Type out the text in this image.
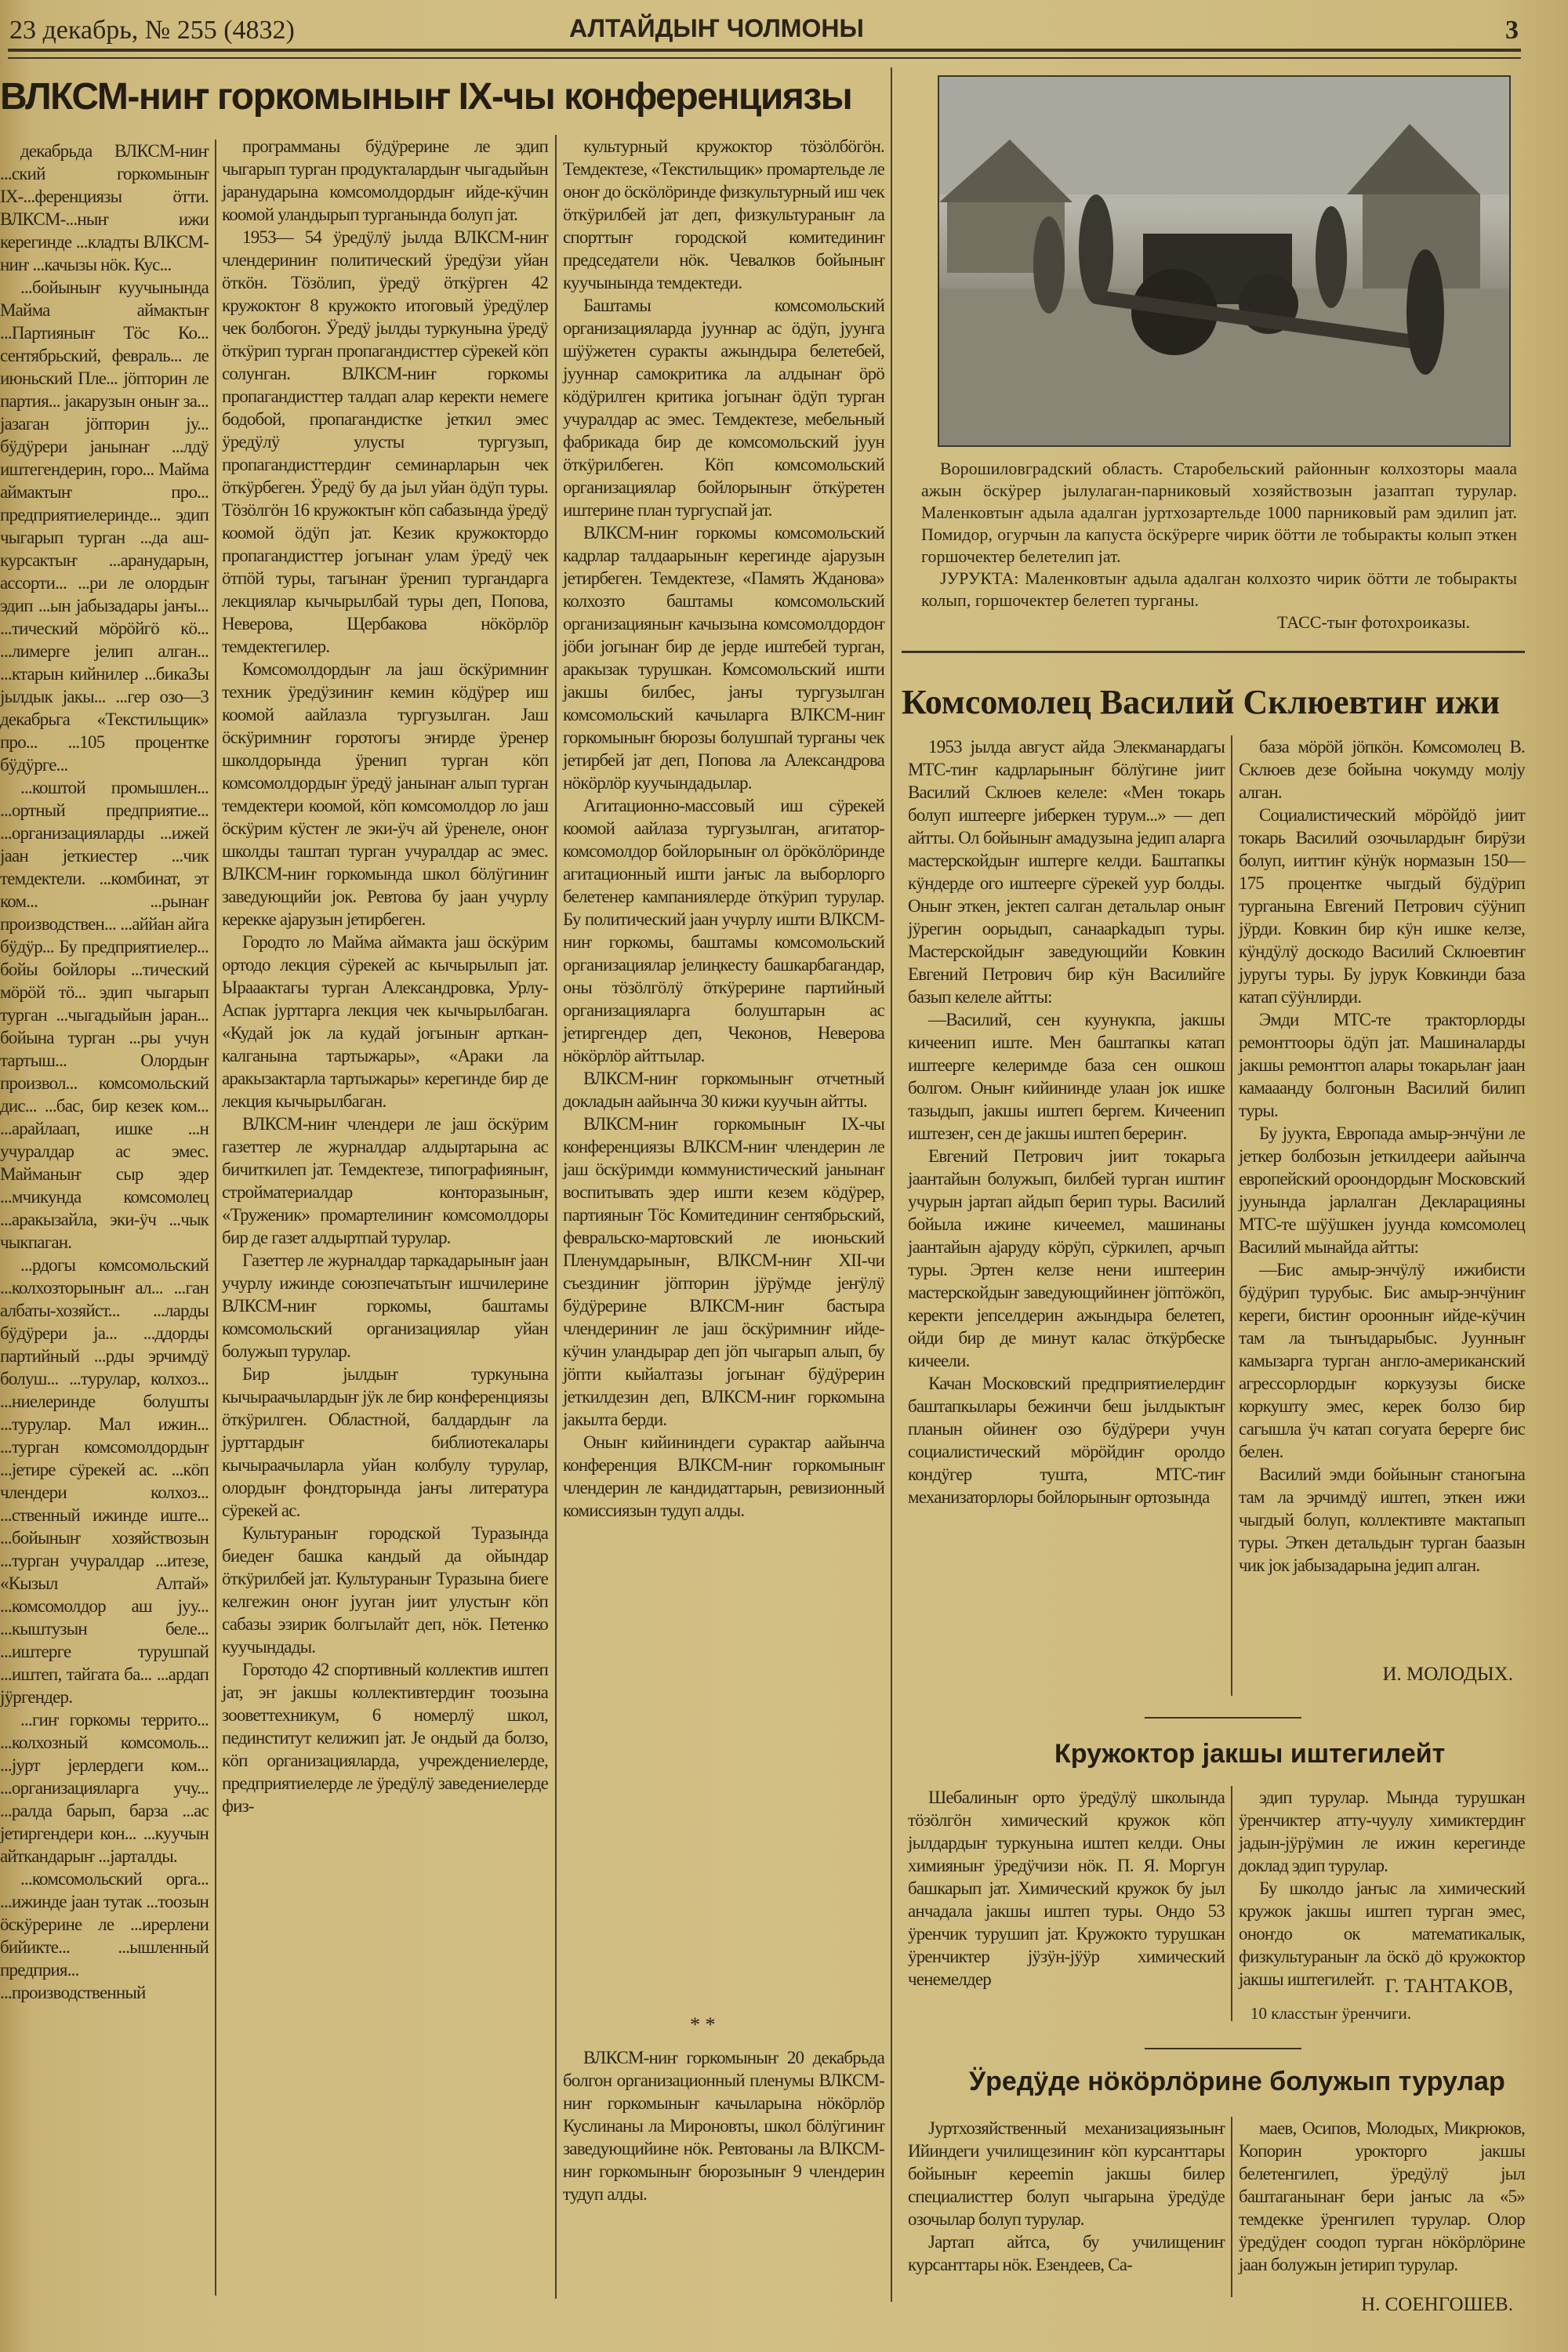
23 декабрь, № 255 (4832)	АЛТАЙДЫҤ ЧОЛМОНЫ	3
ВЛКСМ-ниҥ горкомыныҥ IX-чы конференциязы

декабрьда ВЛКСМ-ниҥ ...ский горкомыныҥ IX-...ференциязы ӧтти. ВЛКСМ-...ныҥ ижи керегинде ...кладты ВЛКСМ-ниҥ ...качызы нӧк. Кус...

...бойыныҥ куучынында Майма аймактыҥ ...Партияныҥ Тӧс Ко... сентябрьский, февраль... ле июньский Пле... јӧпторин ле партия... јакарузын оныҥ за... јазаган јӧпторин ју... бӱдӱрери јанынаҥ ...лдӱ иштегендерин, горо... Майма аймактыҥ про... предприятиелеринде... эдип чыгарып турган ...да аш-курсактыҥ ...аранударын, ассорти... ...ри ле олордыҥ эдип ...ын јабызадары јаҥы... ...тический мӧрӧйгӧ кӧ... ...лимерге јелип алган... ...ктарын кийнилер ...бикаЗы јылдык јакы... ...гер озо—3 декабрьга «Текстильщик» про... ...105 процентке бӱдӱрге...

...коштой промышлен... ...ортный предприятие... ...организацияларды ...ижей јаан јеткиестер ...чик темдектели. ...комбинат, эт ком... ...рынаҥ производствен... ...аййан айга бӱдӱр... Бу предприятиелер... бойы бойлоры ...тический мӧрӧй тӧ... эдип чыгарып турган ...чыгадыйын јаран... бойына турган ...ры учун тартыш... Олордыҥ произвол... комсомольский дис... ...бас, бир кезек ком... ...арайлаап, ишке ...н учуралдар ас эмес. Майманыҥ сыр эдер ...мчикунда комсомолец ...аракызайла, эки-ӱч ...чык чыкпаган.

...рдогы комсомольский ...колхозторыныҥ ал... ...ган албаты-хозяйст... ...ларды бӱдӱрери ја... ...ддорды партийный ...рды эрчимдӱ болуш... ...турулар, колхоз... ...ниелеринде болушты ...турулар. Мал ижин... ...турган комсомолдордыҥ ...јетире сӱрекей ас. ...кӧп члендери колхоз... ...ственный ижинде иште... ...бойыныҥ хозяйствозын ...турган учуралдар ...итезе, «Кызыл Алтай» ...комсомолдор аш јуу... ...кыштузын беле... ...иштерге турушпай ...иштеп, тайгата ба... ...ардап јӱргендер.

...гиҥ горкомы террито... ...колхозный комсомоль... ...јурт јерлердеги ком... ...организацияларга учу... ...ралда барып, барза ...ас јетиргендери кон... ...куучын айткандарыҥ ...јарталды.

...комсомольский орга... ...ижинде јаан тутак ...тоозын ӧскӱрерине ле ...ирерлени бийикте... ...ышленный предприя... ...производственный

программаны бӱдӱрерине ле эдип чыгарып турган продукталардыҥ чыгадыйын јаранударына комсомолдордыҥ ийде-кӱчин коомой уландырып турганында болуп јат.

1953— 54 ӱредӱлӱ јылда ВЛКСМ-ниҥ члендериниҥ политический ӱредӱзи уйан ӧткӧн. Тӧзӧлип, ӱредӱ ӧткӱрген 42 кружоктоҥ 8 кружокто итоговый ӱредӱлер чек болбогон. Ӱредӱ јылды туркунына ӱредӱ ӧткӱрип турган пропагандисттер сӱрекей кӧп солунган. ВЛКСМ-ниҥ горкомы пропагандисттер талдап алар керекти немеге бодобой, пропагандистке јеткил эмес ӱредӱлӱ улусты тургузып, пропагандисттердиҥ семинарларын чек ӧткӱрбеген. Ӱредӱ бу да јыл уйан ӧдӱп туры. Тӧзӧлгӧн 16 кружоктыҥ кӧп сабазында ӱредӱ коомой ӧдӱп јат. Кезик кружоктордо пропагандисттер јогынаҥ улам ӱредӱ чек ӧтпӧй туры, тагынаҥ ӱренип тургандарга лекциялар кычырылбай туры деп, Попова, Неверова, Щербакова нӧкӧрлӧр темдектегилер.

Комсомолдордыҥ ла јаш ӧскӱримниҥ техник ӱредӱзиниҥ кемин кӧдӱрер иш коомой аайлазла тургузылган. Јаш ӧскӱримниҥ горотогы эҥирде ӱренер школдорында ӱренип турган кӧп комсомолдордыҥ ӱредӱ јанынаҥ алып турган темдектери коомой, кӧп комсомолдор ло јаш ӧскӱрим кӱстеҥ ле эки-ӱч ай ӱренеле, оноҥ школды таштап турган учуралдар ас эмес. ВЛКСМ-ниҥ горкомында школ бӧлӱгиниҥ заведующийи јок. Ревтова бу јаан учурлу керекке ајарузын јетирбеген.

Городто ло Майма аймакта јаш ӧскӱрим ортодо лекция сӱрекей ас кычырылып јат. Ырааактагы турган Александровка, Урлу-Аспак јурттарга лекция чек кычырылбаган. «Кудай јок ла кудай јогыныҥ арткан-калганына тартыжары», «Араки ла аракызактарла тартыжары» керегинде бир де лекция кычырылбаган.

ВЛКСМ-ниҥ члендери ле јаш ӧскӱрим газеттер ле журналдар алдыртарына ас бичиткилеп јат. Темдектезе, типографияныҥ, стройматериалдар конторазыныҥ, «Труженик» промартелиниҥ комсомолдоры бир де газет алдыртпай турулар.

Газеттер ле журналдар таркадарыныҥ јаан учурлу ижинде союзпечатьтыҥ ишчилерине ВЛКСМ-ниҥ горкомы, баштамы комсомольский организациялар уйан болужып турулар.

Бир јылдыҥ туркунына кычыраачылардыҥ јӱк ле бир конференциязы ӧткӱрилген. Областной, балдардыҥ ла јурттардыҥ библиотекалары кычыраачыларла уйан колбулу турулар, олордыҥ фондторында јаҥы литература сӱрекей ас.

Культураныҥ городской Туразында биедеҥ башка кандый да ойындар ӧткӱрилбей јат. Культураныҥ Туразына биеге келгежин оноҥ јууган јиит улустыҥ кӧп сабазы эзирик болгылайт деп, нӧк. Петенко куучындады.

Горотодо 42 спортивный коллектив иштеп јат, эҥ јакшы коллективтердиҥ тоозына зооветтехникум, 6 номерлӱ школ, пединститут келижип јат. Је ондый да болзо, кӧп организацияларда, учреждениелерде, предприятиелерде ле ӱредӱлӱ заведениелерде физ-

культурный кружоктор тӧзӧлбӧгӧн. Темдектезе, «Текстильщик» промартельде ле оноҥ до ӧскӧлӧринде физкультурный иш чек ӧткӱрилбей јат деп, физкультураныҥ ла спорттыҥ городской комитединиҥ председатели нӧк. Чевалков бойыныҥ куучынында темдектеди.

Баштамы комсомольский организацияларда јууннар ас ӧдӱп, јуунга шӱӱжетен суракты ажындыра белетебей, јууннар самокритика ла алдынаҥ ӧрӧ кӧдӱрилген критика јогынаҥ ӧдӱп турган учуралдар ас эмес. Темдектезе, мебельный фабрикада бир де комсомольский јуун ӧткӱрилбеген. Кӧп комсомольский организациялар бойлорыныҥ ӧткӱретен иштерине план тургуспай јат.

ВЛКСМ-ниҥ горкомы комсомольский кадрлар талдаарыныҥ керегинде ајарузын јетирбеген. Темдектезе, «Память Жданова» колхозто баштамы комсомольский организацияныҥ качызына комсомолдордоҥ јӧби јогынаҥ бир де јерде иштебей турган, аракызак турушкан. Комсомольский ишти јакшы билбес, јаҥы тургузылган комсомольский качыларга ВЛКСМ-ниҥ горкомыныҥ бюрозы болушпай турганы чек јетирбей јат деп, Попова ла Александрова нӧкӧрлӧр куучындадылар.

Агитационно-массовый иш сӱрекей коомой аайлаза тургузылган, агитатор-комсомолдор бойлорыныҥ ол ӧрӧкӧлӧринде агитационный ишти јаҥыс ла выборлорго белетенер кампаниялерде ӧткӱрип турулар. Бу политический јаан учурлу ишти ВЛКСМ-ниҥ горкомы, баштамы комсомольский организациялар јелиңкесту башкарбагандар, оны тӧзӧлгӧлӱ ӧткӱрерине партийный организацияларга болуштарын ас јетиргендер деп, Чеконов, Неверова нӧкӧрлӧр айттылар.

ВЛКСМ-ниҥ горкомыныҥ отчетный докладын аайынча 30 кижи куучын айтты.

ВЛКСМ-ниҥ горкомыныҥ IX-чы конференциязы ВЛКСМ-ниҥ члендерин ле јаш ӧскӱримди коммунистический јанынаҥ воспитывать эдер ишти кезем кӧдӱрер, партияныҥ Тӧс Комитединиҥ сентябрьский, февральско-мартовский ле июньский Пленумдарыныҥ, ВЛКСМ-ниҥ XII-чи съездиниҥ јӧпторин јӱрӱмде јеҥӱлӱ бӱдӱрерине ВЛКСМ-ниҥ бастыра члендериниҥ ле јаш ӧскӱримниҥ ийде-кӱчин уландырар деп јӧп чыгарып алып, бу јӧпти кыйалтазы јогынаҥ бӱдӱрерин јеткилдезин деп, ВЛКСМ-ниҥ горкомына јакылта берди.

Оныҥ кийининдеги сурактар аайынча конференция ВЛКСМ-ниҥ горкомыныҥ члендерин ле кандидаттарын, ревизионный комиссиязын тудуп алды.

* *

ВЛКСМ-ниҥ горкомыныҥ 20 декабрьда болгон организационный пленумы ВЛКСМ-ниҥ горкомыныҥ качыларына нӧкӧрлӧр Куслинаны ла Мироновты, школ бӧлӱгиниҥ заведующийине нӧк. Ревтованы ла ВЛКСМ-ниҥ горкомыныҥ бюрозыныҥ 9 члендерин тудуп алды.

Ворошиловградский область. Старобельский районныҥ колхозторы маала ажын ӧскӱрер јылулаган-парниковый хозяйствозын јазаптап турулар. Маленковтыҥ адыла адалган јуртхозартельде 1000 парниковый рам эдилип јат. Помидор, огурчын ла капуста ӧскӱрерге чирик ӧӧтти ле тобыракты колып эткен горшочектер белетелип јат.

ЈУРУКТА: Маленковтыҥ адыла адалган колхозто чирик ӧӧтти ле тобыракты колып, горшочектер белетеп турганы.

ТАСС-тыҥ фотохроиказы.
Комсомолец Василий Склюевтиҥ ижи

1953 јылда август айда Элекманардагы МТС-тиҥ кадрларыныҥ бӧлӱгине јиит Василий Склюев келеле: «Мен токарь болуп иштеерге јиберкен турум...» — деп айтты. Ол бойыныҥ амадузына једип аларга мастерскойдыҥ иштерге келди. Баштапкы кӱндерде ого иштеерге сӱрекей уур болды. Оныҥ эткен, јектеп салган детальлар оныҥ јӱрегин оорыдып, санаарkадып туры. Мастерскойдыҥ заведующийи Ковкин Евгений Петрович бир кӱн Василийге базып келеле айтты:

—Василий, сен куунукпа, јакшы кичеенип иште. Мен баштапкы катап иштеерге келеримде база сен ошкош болгом. Оныҥ кийининде улаан јок ишке тазыдып, јакшы иштеп бергем. Кичеенип иштезеҥ, сен де јакшы иштеп берериҥ.

Евгений Петрович јиит токарьга јаантайын болужып, билбей турган иштиҥ учурын јартап айдып берип туры. Василий бойыла ижине кичеемел, машинаны јаантайын ајаруду кӧрӱп, сӱркилеп, арчып туры. Эртен келзе нени иштеерин мастерскойдыҥ заведующийинеҥ јӧптӧжӧп, керекти јепселдерин ажындыра белетеп, ойди бир де минут калас ӧткӱрбеске кичеели.

Качан Московский предприятиелердиҥ баштапкылары бежинчи беш јылдыктыҥ планын ойинеҥ озо бӱдӱрери учун социалистический мӧрӧйдиҥ оролдо кондӱгер тушта, МТС-тиҥ механизаторлоры бойлорыныҥ ортозында

база мӧрӧй јӧпкӧн. Комсомолец В. Склюев дезе бойына чокумду молју алган.

Социалистический мӧрӧйдӧ јиит токарь Василий озочылардыҥ бирӱзи болуп, ииттиҥ кӱнӱк нормазын 150—175 процентке чыгдый бӱдӱрип турганына Евгений Петрович сӱӱнип јӱрди. Ковкин бир кӱн ишке келзе, кӱндӱлӱ доскодо Василий Склюевтиҥ јуругы туры. Бу јурук Ковкинди база катап сӱӱнлирди.

Эмди МТС-те тракторлорды ремонттооры ӧдӱп јат. Машиналарды јакшы ремонттоп алары токарьлаҥ јаан камааанду болгонын Василий билип туры.

Бу јуукта, Европада амыр-энчӱни ле јеткер болбозын јеткилдеери аайынча европейский ороондордыҥ Московский јуунында јарлалган Декларацияны МТС-те шӱӱшкен јуунда комсомолец Василий мынайда айтты:

—Бис амыр-энчӱлӱ ижибисти бӱдӱрип турубыс. Бис амыр-энчӱниҥ кереги, бистиҥ ороонныҥ ийде-кӱчин там ла тыҥыдарыбыс. Јуунныҥ камызарга турган англо-американский агрессорлордыҥ коркузузы биске коркушту эмес, керек болзо бир сагышла ӱч катап согуата берерге бис белен.

Василий эмди бойыныҥ станогына там ла эрчимдӱ иштеп, эткен ижи чыгдый болуп, коллективте мактапып туры. Эткен детальдыҥ турган баазын чик јок јабызадарына једип алган.

И. МОЛОДЫХ.
Кружоктор јакшы иштегилейт

Шебалиныҥ орто ӱредӱлӱ школында тӧзӧлгӧн химический кружок кӧп јылдардыҥ туркунына иштеп келди. Оны химияныҥ ӱредӱчизи нӧк. П. Я. Моргун башкарып јат. Химический кружок бу јыл анчадала јакшы иштеп туры. Ондо 53 ӱренчик турушип јат. Кружокто турушкан ӱренчиктер јӱзӱн-јӱӱр химический ченемелдер

эдип турулар. Мында турушкан ӱренчиктер атту-чуулу химиктердиҥ јадын-јӱрӱмин ле ижин керегинде доклад эдип турулар.

Бу школдо јаҥыс ла химический кружок јакшы иштеп турган эмес, оноҥдо ок математикалык, физкультураныҥ ла ӧскӧ дӧ кружоктор јакшы иштегилейт. Г. ТАНТАКОВ,
10 класстыҥ ӱренчиги.
Ӱредӱде нӧкӧрлӧрине болужып турулар

Јуртхозяйственный механизациязыныҥ Ийиндеги училищезиниҥ кӧп курсанттары бойыныҥ кереemin јакшы билер специалисттер болуп чыгарына ӱредӱде озочылар болуп турулар.

Јартап айтса, бу училищениҥ курсанттары нӧк. Езендеев, Са-

маев, Осипов, Молодых, Микрюков, Копорин урокторго јакшы белетенгилеп, ӱредӱлӱ јыл баштаганынаҥ бери јаҥыс ла «5» темдекке ӱренгилеп турулар. Олор ӱредӱдеҥ соодоп турган нӧкӧрлӧрине јаан болужын јетирип турулар.

Н. СОЕНГОШЕВ.
